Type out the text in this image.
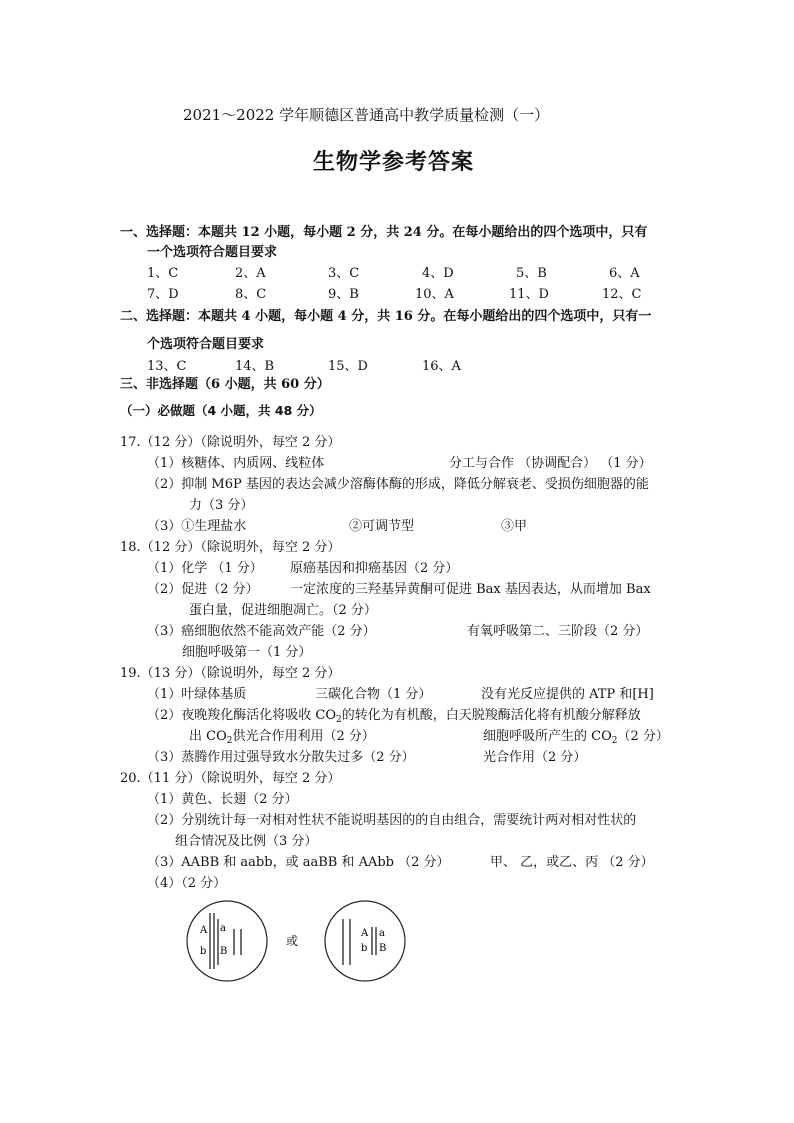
2021～2022 学年顺德区普通高中教学质量检测（一）
生物学参考答案
一、选择题：本题共 12 小题，每小题 2 分，共 24 分。在每小题给出的四个选项中，只有
一个选项符合题目要求
1、C	2、A	3、C	4、D	5、B	6、A
7、D	8、C	9、B	10、A	11、D	12、C
二、选择题：本题共 4 小题，每小题 4 分，共 16 分。在每小题给出的四个选项中，只有一
个选项符合题目要求
13、C	14、B	15、D	16、A
三、非选择题（6 小题，共 60 分）
（一）必做题（4 小题，共 48 分）
17.（12 分）（除说明外，每空 2 分）
（1）核糖体、内质网、线粒体	分工与合作 （协调配合） （1 分）
（2）抑制 M6P 基因的表达会减少溶酶体酶的形成，降低分解衰老、受损伤细胞器的能
力（3 分）
（3）①生理盐水	②可调节型	③甲
18.（12 分）（除说明外，每空 2 分）
（1）化学 （1 分） 原癌基因和抑癌基因（2 分）
（2）促进（2 分） 一定浓度的三羟基异黄酮可促进 Bax 基因表达，从而增加 Bax
蛋白量，促进细胞凋亡。（2 分）
（3）癌细胞依然不能高效产能（2 分）	有氧呼吸第二、三阶段（2 分）
细胞呼吸第一（1 分）
19.（13 分）（除说明外，每空 2 分）
（1）叶绿体基质	三碳化合物（1 分）	没有光反应提供的 ATP 和[H]
（2）夜晚羧化酶活化将吸收 $CO_2$的转化为有机酸，白天脱羧酶活化将有机酸分解释放
出 $CO_2$供光合作用利用（2 分）	细胞呼吸所产生的 $CO_2(2$ 分）
（3）蒸腾作用过强导致水分散失过多（2 分）	光合作用（2 分）
20.（11 分）（除说明外，每空 2 分）
（1）黄色、长翅（2 分）
（2）分别统计每一对相对性状不能说明基因的的自由组合，需要统计两对相对性状的
组合情况及比例（3 分）
（3）AABB 和 aabb，或 aaBB 和 AAbb （2 分）	甲、 乙，或乙、丙 （2 分）
（4）（2 分）
A a
b B
或
A a
b B
